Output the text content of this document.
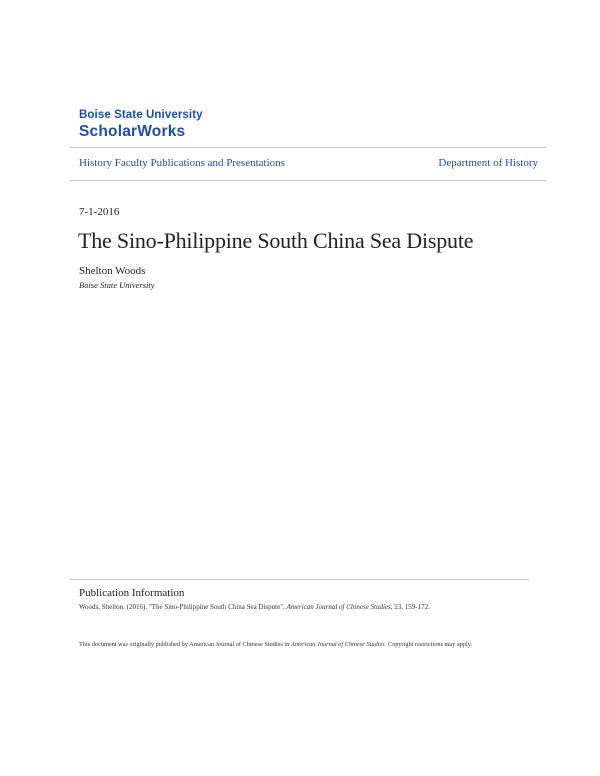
Boise State University
ScholarWorks
History Faculty Publications and Presentations	Department of History
7-1-2016
The Sino-Philippine South China Sea Dispute
Shelton Woods
Boise State University
Publication Information
Woods, Shelton. (2016). "The Sino-Philippine South China Sea Dispute". American Journal of Chinese Studies, 23, 159-172.
This document was originally published by American Journal of Chinese Studies in American Journal of Chinese Studies. Copyright restrictions may apply.
